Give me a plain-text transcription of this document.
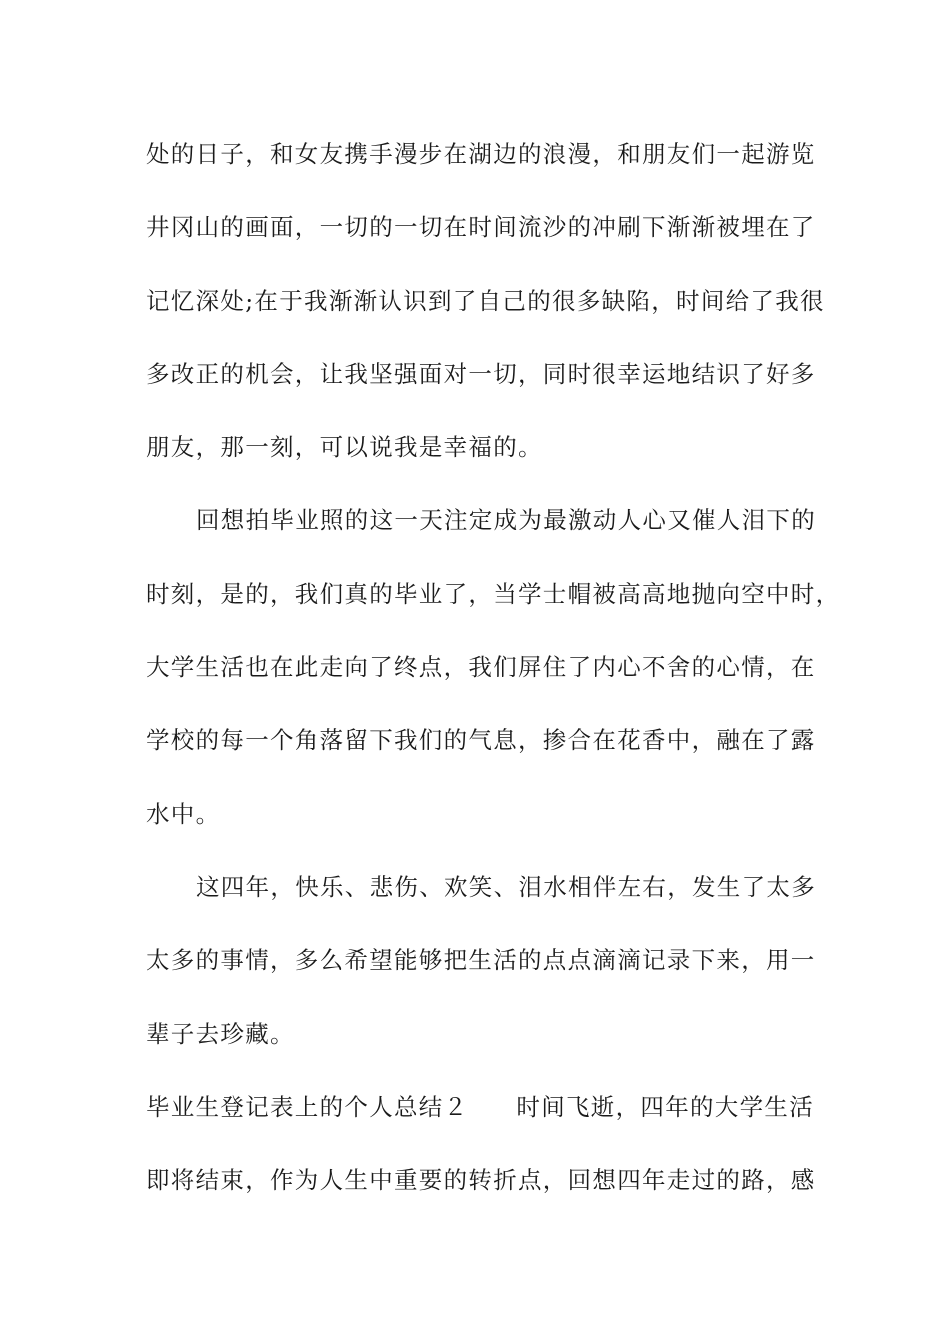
处的日子，和女友携手漫步在湖边的浪漫，和朋友们一起游览
井冈山的画面，一切的一切在时间流沙的冲刷下渐渐被埋在了
记忆深处;在于我渐渐认识到了自己的很多缺陷，时间给了我很
多改正的机会，让我坚强面对一切，同时很幸运地结识了好多
朋友，那一刻，可以说我是幸福的。
回想拍毕业照的这一天注定成为最激动人心又催人泪下的
时刻，是的，我们真的毕业了，当学士帽被高高地抛向空中时，
大学生活也在此走向了终点，我们屏住了内心不舍的心情，在
学校的每一个角落留下我们的气息，掺合在花香中，融在了露
水中。
这四年，快乐、悲伤、欢笑、泪水相伴左右，发生了太多
太多的事情，多么希望能够把生活的点点滴滴记录下来，用一
辈子去珍藏。
毕业生登记表上的个人总结２ 时间飞逝，四年的大学生活
即将结束，作为人生中重要的转折点，回想四年走过的路，感
